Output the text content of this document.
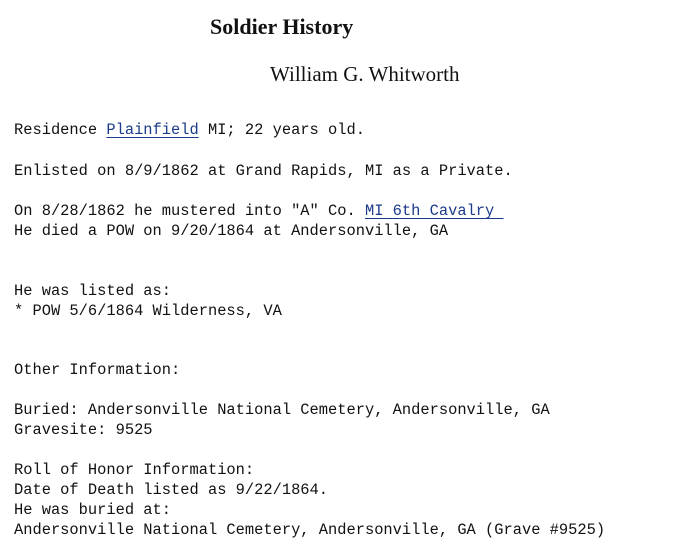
Soldier History
William G. Whitworth
Residence Plainfield MI; 22 years old.
Enlisted on 8/9/1862 at Grand Rapids, MI as a Private.
On 8/28/1862 he mustered into "A" Co. MI 6th Cavalry
He died a POW on 9/20/1864 at Andersonville, GA
He was listed as:
* POW 5/6/1864 Wilderness, VA
Other Information:
Buried: Andersonville National Cemetery, Andersonville, GA
Gravesite: 9525
Roll of Honor Information:
Date of Death listed as 9/22/1864.
He was buried at:
Andersonville National Cemetery, Andersonville, GA (Grave #9525)
